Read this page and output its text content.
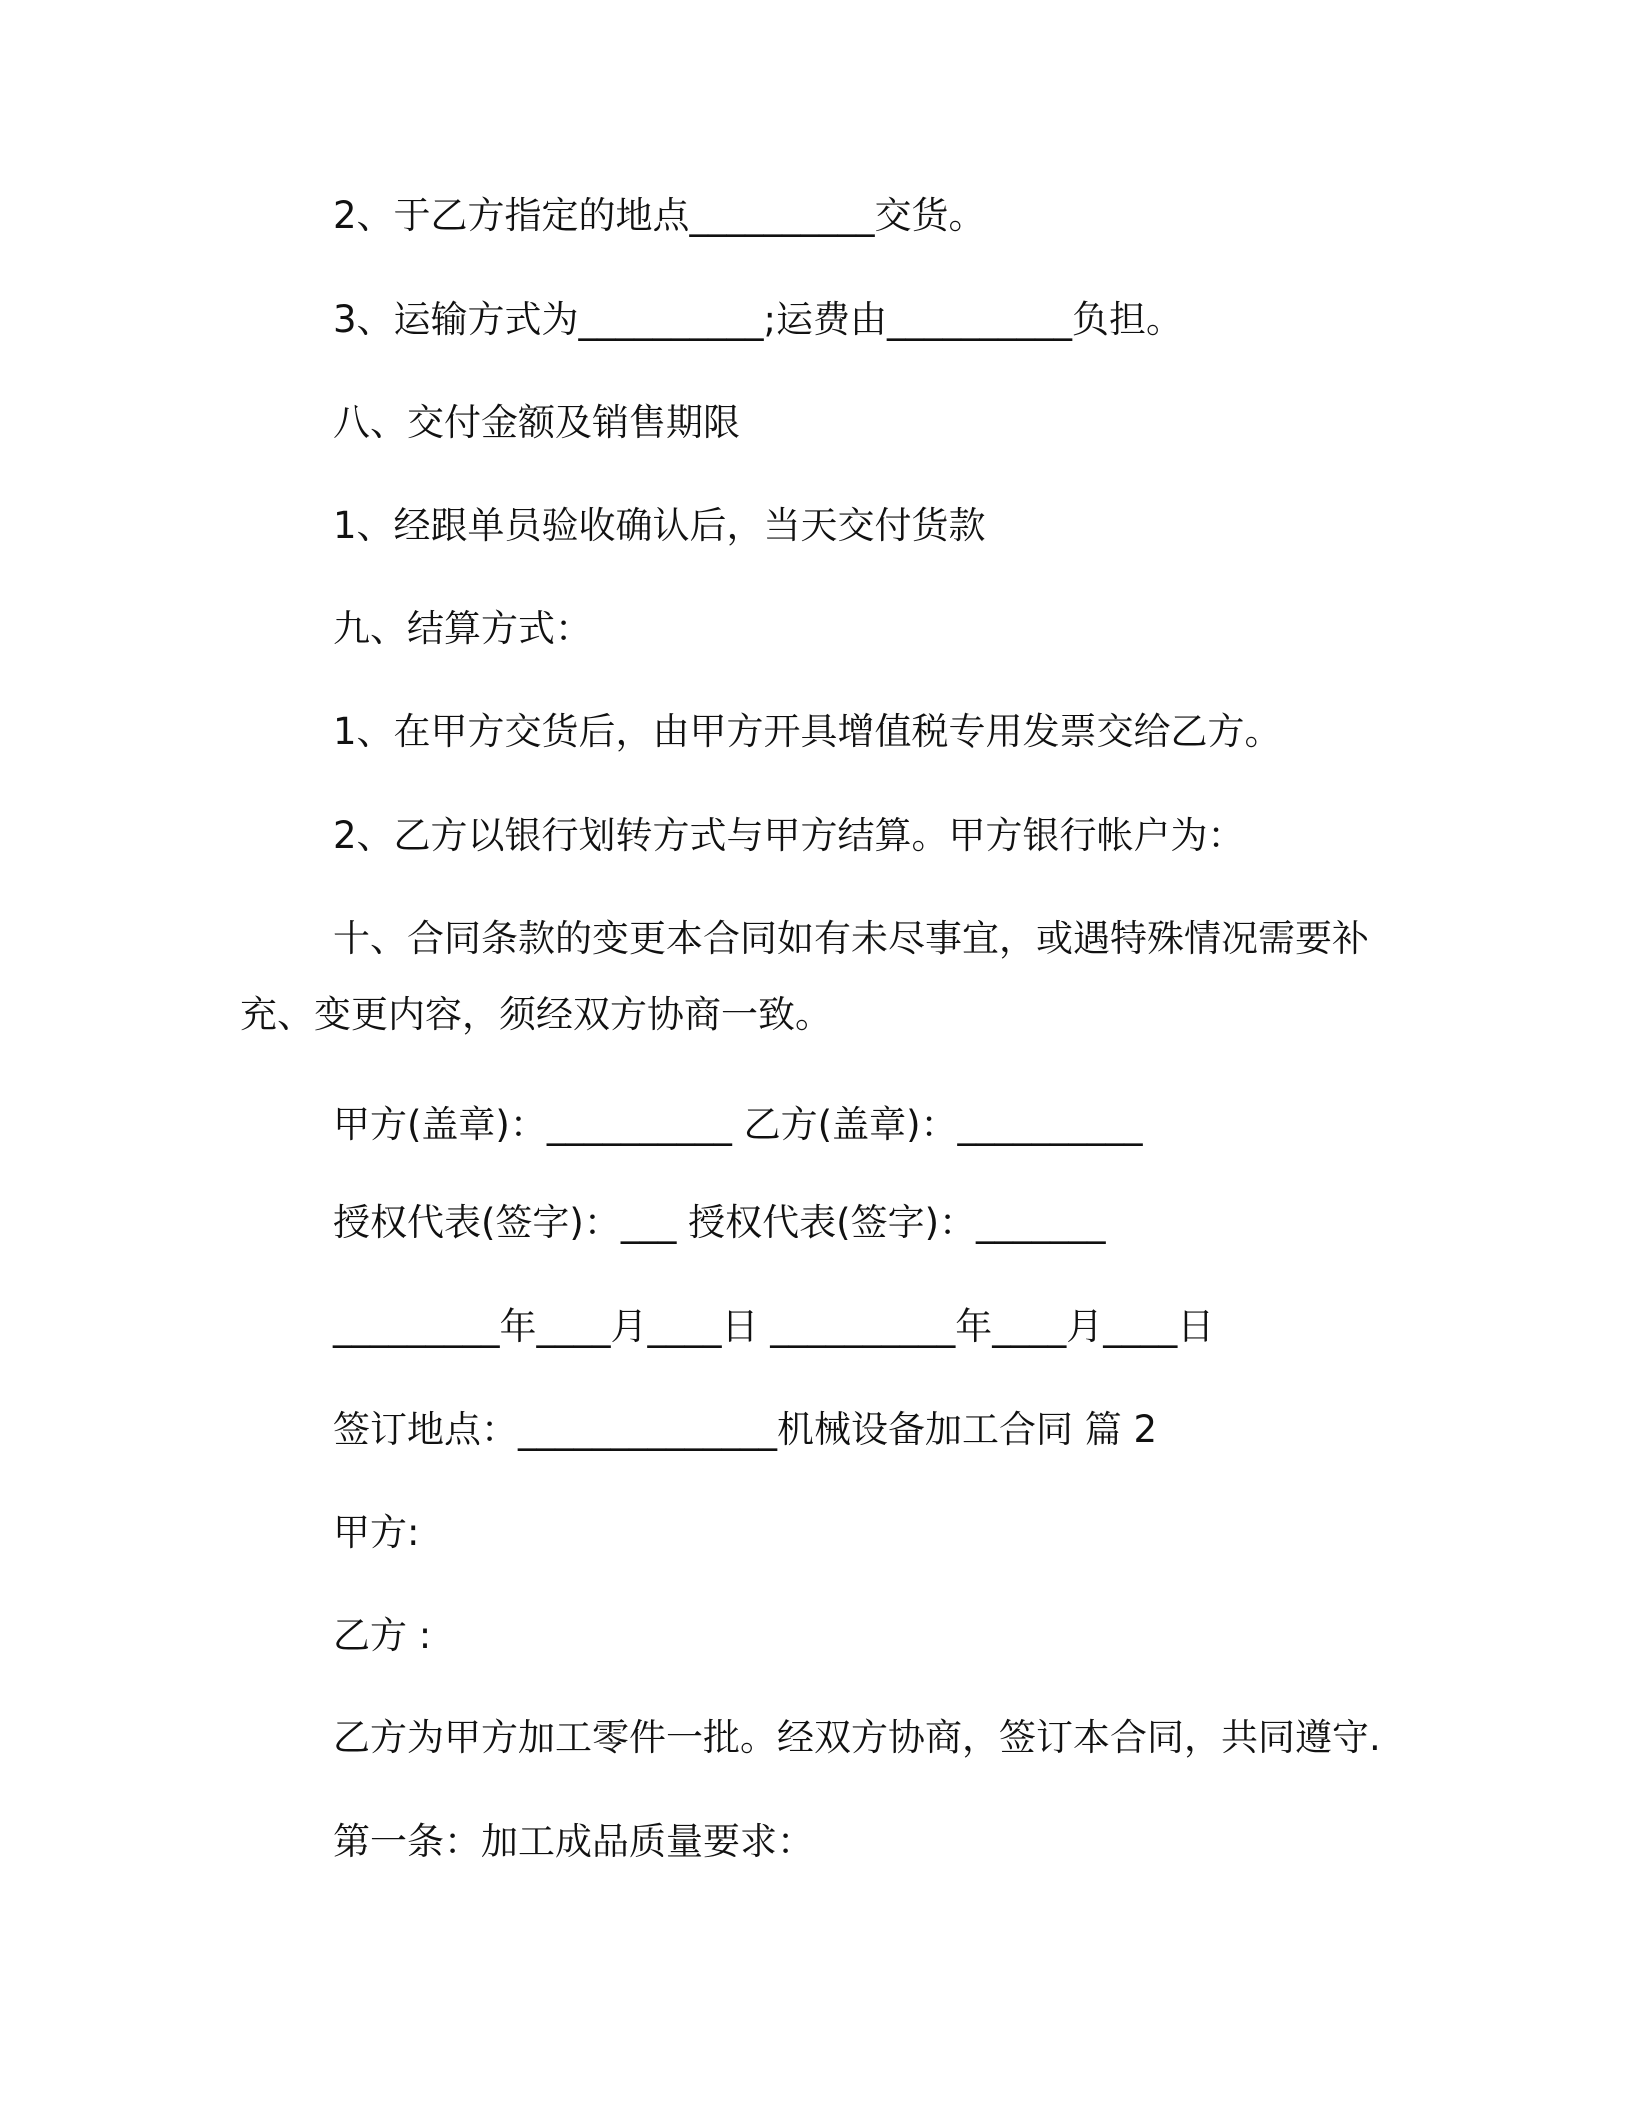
2、于乙方指定的地点__________交货。
3、运输方式为__________;运费由__________负担。
八、交付金额及销售期限
1、经跟单员验收确认后，当天交付货款
九、结算方式：
1、在甲方交货后，由甲方开具增值税专用发票交给乙方。
2、乙方以银行划转方式与甲方结算。甲方银行帐户为：
十、合同条款的变更本合同如有未尽事宜，或遇特殊情况需要补
充、变更内容，须经双方协商一致。
甲方(盖章)：__________ 乙方(盖章)：__________
授权代表(签字)：___ 授权代表(签字)：_______
_________年____月____日 __________年____月____日
签订地点：______________机械设备加工合同 篇 2
甲方:
乙方 :
乙方为甲方加工零件一批。经双方协商，签订本合同，共同遵守.
第一条：加工成品质量要求：
